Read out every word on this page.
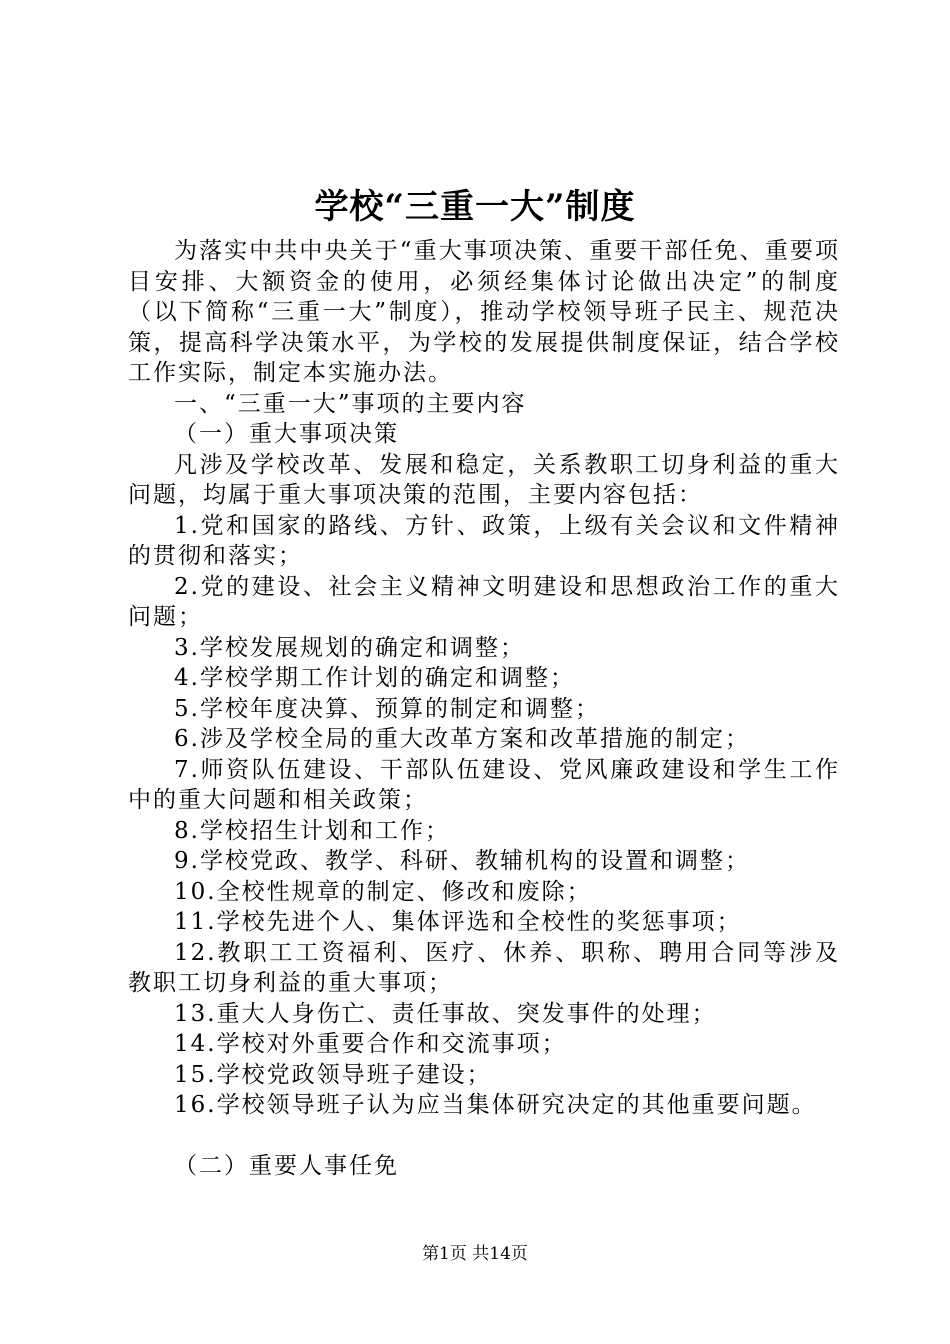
学校“三重一大”制度

为落实中共中央关于“重大事项决策、重要干部任免、重要项目安排、大额资金的使用，必须经集体讨论做出决定”的制度（以下简称“三重一大”制度），推动学校领导班子民主、规范决策，提高科学决策水平，为学校的发展提供制度保证，结合学校工作实际，制定本实施办法。

一、“三重一大”事项的主要内容

（一）重大事项决策

凡涉及学校改革、发展和稳定，关系教职工切身利益的重大问题，均属于重大事项决策的范围，主要内容包括：

1.党和国家的路线、方针、政策，上级有关会议和文件精神的贯彻和落实；

2.党的建设、社会主义精神文明建设和思想政治工作的重大问题；

3.学校发展规划的确定和调整；

4.学校学期工作计划的确定和调整；

5.学校年度决算、预算的制定和调整；

6.涉及学校全局的重大改革方案和改革措施的制定；

7.师资队伍建设、干部队伍建设、党风廉政建设和学生工作中的重大问题和相关政策；

8.学校招生计划和工作；

9.学校党政、教学、科研、教辅机构的设置和调整；

10.全校性规章的制定、修改和废除；

11.学校先进个人、集体评选和全校性的奖惩事项；

12.教职工工资福利、医疗、休养、职称、聘用合同等涉及教职工切身利益的重大事项；

13.重大人身伤亡、责任事故、突发事件的处理；

14.学校对外重要合作和交流事项；

15.学校党政领导班子建设；

16.学校领导班子认为应当集体研究决定的其他重要问题。

（二）重要人事任免

第1页 共14页
